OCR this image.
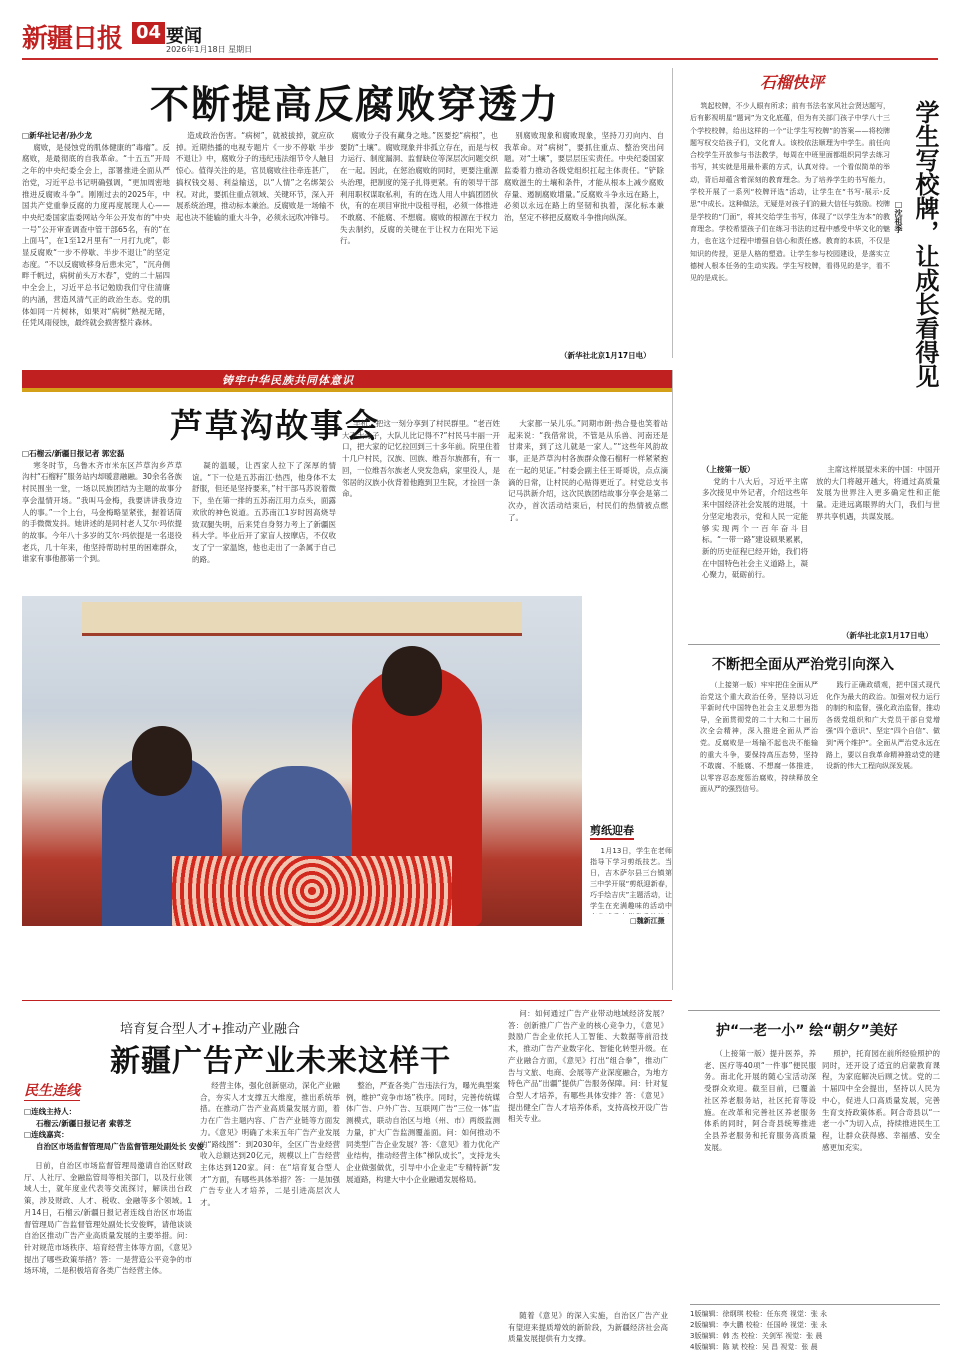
新疆日报 04 要闻
2026年1月18日 星期日
不断提高反腐败穿透力

□新华社记者/孙少龙

腐败，是侵蚀党的肌体健康的“毒瘤”。反腐败，是最彻底的自我革命。“十五五”开局之年的中央纪委全会上，部署推进全面从严治党，习近平总书记明确强调，“更加周密地推进反腐败斗争”。刚刚过去的2025年，中国共产党重拳反腐的力度再度展现人心——中央纪委国家监委网站今年公开发布的“中央一号”公开审查调查中管干部65名，有的“在上面马”，在1至12月里有“一月打九虎”，彰显反腐败“一步不停歇、半步不退让”的坚定态度。“不以反腐败移身后患未完”，“沉舟侧畔千帆过，病树前头万木春”，党的二十届四中全会上，习近平总书记勉励我们守住清廉的内涵，营造风清气正的政治生态。党的肌体如同一片树林，如果对“病树”熟视无睹，任凭风雨侵蚀，最终就会损害整片森林。

造成政治伤害。“病树”，就被拔掉，就应砍掉。近期热播的电视专题片《一步不停歇 半步不退让》中，腐败分子的违纪违法细节令人触目惊心。值得关注的是，官员腐败往往牵连甚广，搞权钱交易、利益输送，以“人情”之名绑架公权。对此，要抓住重点领域、关键环节，深入开展系统治理，推动标本兼治。反腐败是一场输不起也决不能输的重大斗争，必须永远吹冲锋号。

腐败分子没有藏身之地。”医要挖“病根”，也要防“土壤”。腐败现象并非孤立存在，而是与权力运行、制度漏洞、监督缺位等深层次问题交织在一起。因此，在惩治腐败的同时，更要注重源头治理，把制度的笼子扎得更紧。有的领导干部利用职权谋取私利，有的在选人用人中搞团团伙伙，有的在项目审批中设租寻租，必须一体推进不敢腐、不能腐、不想腐。腐败的根源在于权力失去制约，反腐的关键在于让权力在阳光下运行。

别腐败现象和腐败现象，坚持刀刃向内、自我革命。对“病树”，要抓住重点、整治突出问题。对“土壤”，要层层压实责任。中央纪委国家监委着力推动各级党组织扛起主体责任。“铲除腐败滋生的土壤和条件，才能从根本上减少腐败存量、遏制腐败增量。”反腐败斗争永远在路上，必须以永远在路上的坚韧和执着，深化标本兼治，坚定不移把反腐败斗争推向纵深。

（新华社北京1月17日电）
石榴快评

筑起校牌，不少人眼有所求；前有书法名家风社会贤达题写，后有影视明星“题词”为文化底蕴，但为有关部门孩子中学八十三个学校校牌，给出这样的一个“让学生写校牌”的答案——将校牌题写权交给孩子们，文化育人。该校依法顺理为中学生。前任向合校学生开放参与书法教学，每周在中班里面都组织同学去练习书写，其实就是用最朴素的方式，认真对待。一个看似简单的举动，背后却蕴含着深刻的教育理念。为了培养学生的书写能力，学校开展了一系列“校牌评选”活动，让学生在“书写-展示-反思”中成长。这种做法，无疑是对孩子们的最大信任与鼓励。校牌是学校的“门面”，将其交给学生书写，体现了“以学生为本”的教育理念。学校希望孩子们在练习书法的过程中感受中华文化的魅力，也在这个过程中增强自信心和责任感。教育的本质，不仅是知识的传授，更是人格的塑造。让学生参与校园建设，是落实立德树人根本任务的生动实践。学生写校牌，看得见的是字，看不见的是成长。	学生写校牌，让成长看得见
□沈祖季
铸牢中华民族共同体意识
芦草沟故事会

□石榴云/新疆日报记者 郭宏磊

寒冬时节，乌鲁木齐市米东区芦草沟乡芦草沟村“石榴籽”服务站内却暖意融融。30余名各族村民围坐一堂，一场以民族团结为主题的故事分享会温情开场。“我叫马金梅，我要讲讲我身边人的事。”一个上台，马金梅略显紧张，握着话筒的手微微发抖。她讲述的是同村老人艾尔·玛依提的故事。今年八十多岁的艾尔·玛依提是一名退役老兵，几十年来，他坚持帮助村里的困难群众，谁家有事他都第一个到。

凝的温暖，让西家人拉下了深厚的情谊。“下一位是五苏南江·热西，他身体不太舒服，但还是坚持要来，”村干部马苏说着微下，坐在第一排的五苏南江用力点头，面露欢欣的神色说道。五苏南江1岁时因高烧导致双腿失明，后来凭自身努力考上了新疆医科大学。毕业后开了家盲人按摩店，不仅收支了宁一家温饱，他也走出了一条属于自己的路。

手机，把这一刻分享到了村民群里。“老百姓大不大分子，大队儿比记得不?”村民马丰丽一开口，把大家的记忆拉回到三十多年前。院里住着十几户村民，汉族、回族、维吾尔族都有，有一回，一位维吾尔族老人突发急病，家里没人，是邻居的汉族小伙背着他跑到卫生院，才捡回一条命。

大家都一呆儿乐。”同期市朗·热合曼也笑着站起来说：“我借常说，不管是从乐兽、河南还是甘肃来，到了这儿就是一家人。”“这些年风韵故事，正是芦草沟村各族群众像石榴籽一样紧紧抱在一起的见证。”村委会副主任王哥哥说，点点滴滴的日常，让村民的心贴得更近了。村党总支书记马洪新介绍，这次民族团结故事分享会是第二次办，首次活动结束后，村民们的热情被点燃了。

剪纸迎春

1月13日，学生在老师指导下学习剪纸技艺。当日，吉木萨尔县三台镇第三中学开展“剪纸迎新春，巧手绘吉庆”主题活动，让学生在充满趣味的活动中

□魏新江摄

（上接第一版）

党的十八大后，习近平主席多次接见中外记者，介绍这些年来中国经济社会发展的进展，十分坚定地表示，党和人民一定能够实现两个一百年奋斗目标。“一带一路”建设硕果累累，新的历史征程已经开始，我们将在中国特色社会主义道路上，凝心聚力，砥砺前行。

主席这样展望未来的中国：中国开放的大门将越开越大，将通过高质量发展为世界注入更多确定性和正能量。走进远离眼界的大门，我们与世界共享机遇，共谋发展。

（新华社北京1月17日电）
不断把全面从严治党引向深入

（上接第一版）牢牢把住全面从严治党这个重大政治任务，坚持以习近平新时代中国特色社会主义思想为指导，全面贯彻党的二十大和二十届历次全会精神，深入推进全面从严治党。反腐败是一场输不起也决不能输的重大斗争，要保持高压态势，坚持不敢腐、不能腐、不想腐一体推进，以零容忍态度惩治腐败，持续释放全面从严的强烈信号。

践行正确政绩观，把中国式现代化作为最大的政治。加强对权力运行的制约和监督，强化政治监督，推动各级党组织和广大党员干部自觉增强“四个意识”、坚定“四个自信”、做到“两个维护”。全面从严治党永远在路上，要以自我革命精神推动党的建设新的伟大工程向纵深发展。

护“一老一小” 绘“朝夕”美好

（上接第一版）提升医养，养老、医疗等40项“一件事”便民服务。南北化开展的随心宝活动深受群众欢迎。截至目前，已覆盖社区养老服务站，社区托育等设施。在改革和完善社区养老服务体系的同时，阿合奇县统筹推进全县养老服务和托育服务高质量发展。

照护，托育园在前所经验照护的同时，还开设了适宜的启蒙教育课程，为家庭解决后顾之忧。党的二十届四中全会提出，坚持以人民为中心，促进人口高质量发展，完善生育支持政策体系。阿合奇县以“一老一小”为切入点，持续推进民生工程，让群众获得感、幸福感、安全感更加充实。

培育复合型人才+推动产业融合
新疆广告产业未来这样干
民生连线
□连线主持人：
石榴云/新疆日报记者 索蓉芝
□连线嘉宾：
自治区市场监督管理局广告监督管理处副处长 安俊

日前，自治区市场监督管理局邀请自治区财政厅、人社厅、金融监管局等相关部门，以及行业领域人士，就年度业代表等交流探讨，解读出台政策，涉及财政、人才、税收、金融等多个领域。1月14日，石榴云/新疆日报记者连线自治区市场监督管理局广告监督管理处副处长安俊辉，请他谈谈自治区推动广告产业高质量发展的主要举措。问：针对规范市场秩序、培育经营主体等方面，《意见》提出了哪些政策举措？答：一是营造公平竞争的市场环境，二是积极培育各类广告经营主体。

经营主体，强化创新驱动，深化产业融合，夯实人才支撑五大维度，推出系统举措。在推动广告产业高质量发展方面，着力在广告主题内容、广告产业链等方面发力。《意见》明确了未来五年广告产业发展的“路线图”：到2030年，全区广告业经营收入总额达到20亿元，规模以上广告经营主体达到120家。问：在“培育复合型人才”方面，有哪些具体举措？答：一是加强广告专业人才培养，二是引进高层次人才。

整治，严查各类广告违法行为，曝光典型案例，维护“竞争市场”秩序。同时，完善传统媒体广告、户外广告、互联网广告“三位一体”监测模式，联动自治区与地（州、市）两级监测力量，扩大广告监测覆盖面。问：如何推动不同类型广告企业发展？答：《意见》着力优化产业结构，推动经营主体“梯队成长”，支持龙头企业做强做优，引导中小企业走“专精特新”发展道路，构建大中小企业融通发展格局。

问：如何通过广告产业带动地域经济发展？答：创新推广广告产业的核心竞争力，《意见》鼓励广告企业依托人工智能、大数据等前沿技术，推动广告产业数字化、智能化转型升级。在产业融合方面，《意见》打出“组合拳”，推动广告与文旅、电商、会展等产业深度融合，为地方特色产品“出疆”提供广告服务保障。问：针对复合型人才培养，有哪些具体安排？答：《意见》提出健全广告人才培养体系，支持高校开设广告相关专业。

随着《意见》的深入实施，自治区广告产业有望迎来提质增效的新阶段，为新疆经济社会高质量发展提供有力支撑。

1版编辑：徐纲琪 校检：任东亮 视觉：张 永
2版编辑：李大鹏 校检：任国岭 视觉：张 永
3版编辑：韩 杰 校检：关剑军 视觉：张 晨
4版编辑：陈 斌 校检：吴 昌 视觉：张 晨
